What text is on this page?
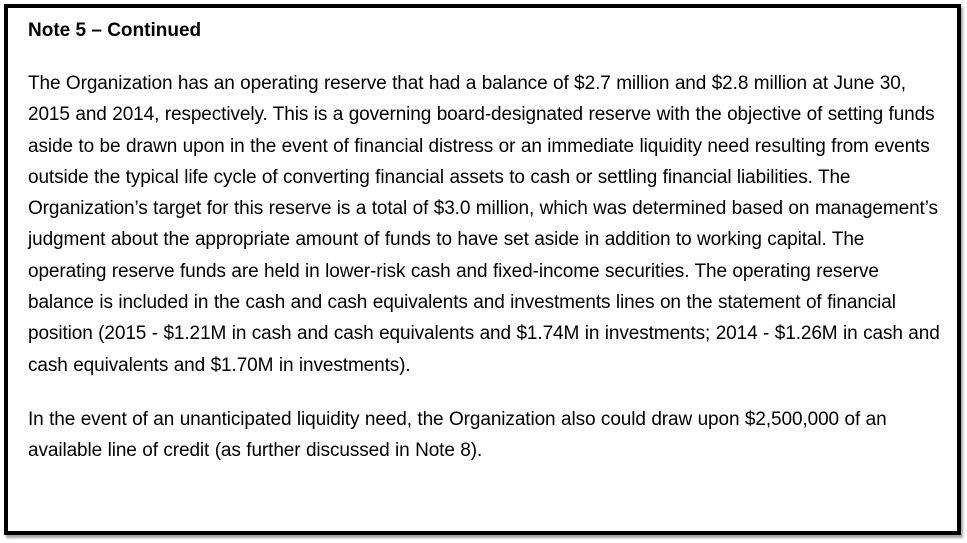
Note 5 – Continued

The Organization has an operating reserve that had a balance of $2.7 million and $2.8 million at June 30, 2015 and 2014, respectively. This is a governing board-designated reserve with the objective of setting funds aside to be drawn upon in the event of financial distress or an immediate liquidity need resulting from events outside the typical life cycle of converting financial assets to cash or settling financial liabilities. The Organization’s target for this reserve is a total of $3.0 million, which was determined based on management’s judgment about the appropriate amount of funds to have set aside in addition to working capital. The operating reserve funds are held in lower-risk cash and fixed-income securities. The operating reserve balance is included in the cash and cash equivalents and investments lines on the statement of financial position (2015 - $1.21M in cash and cash equivalents and $1.74M in investments; 2014 - $1.26M in cash and cash equivalents and $1.70M in investments).

In the event of an unanticipated liquidity need, the Organization also could draw upon $2,500,000 of an available line of credit (as further discussed in Note 8).
